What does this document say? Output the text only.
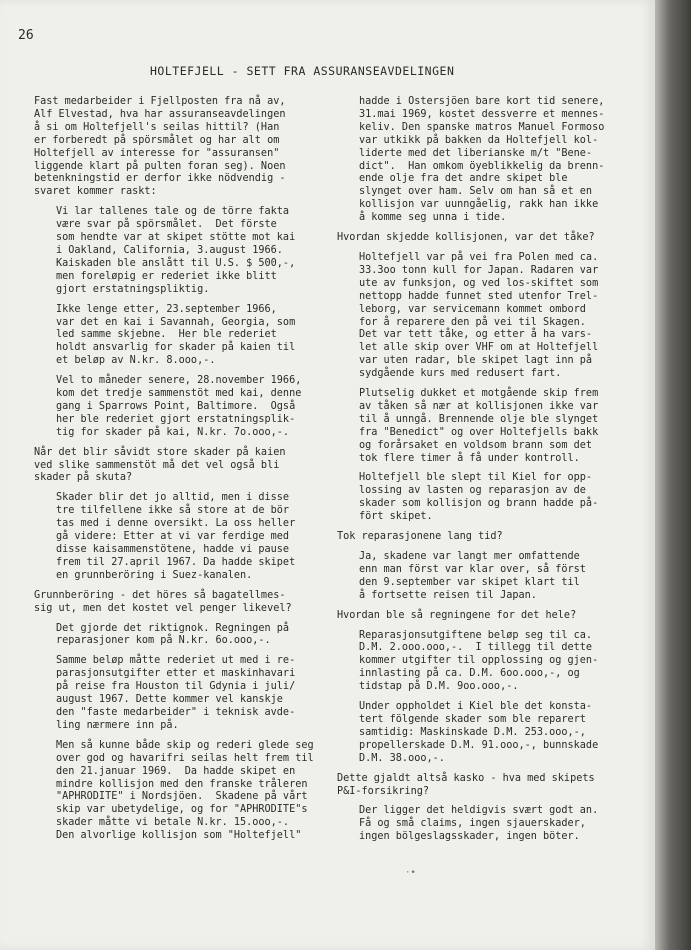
26
HOLTEFJELL - SETT FRA ASSURANSEAVDELINGEN

Fast medarbeider i Fjellposten fra nå av,
Alf Elvestad, hva har assuranseavdelingen
å si om Holtefjell's seilas hittil? (Han
er forberedt på spörsmålet og har alt om
Holtefjell av interesse for "assuransen"
liggende klart på pulten foran seg). Noen
betenkningstid er derfor ikke nödvendig -
svaret kommer raskt:

Vi lar tallenes tale og de törre fakta
være svar på spörsmålet.  Det förste
som hendte var at skipet stötte mot kai
i Oakland, California, 3.august 1966.
Kaiskaden ble anslått til U.S. $ 500,-,
men foreløpig er rederiet ikke blitt
gjort erstatningspliktig.

Ikke lenge etter, 23.september 1966,
var det en kai i Savannah, Georgia, som
led samme skjebne.  Her ble rederiet
holdt ansvarlig for skader på kaien til
et beløp av N.kr. 8.ooo,-.

Vel to måneder senere, 28.november 1966,
kom det tredje sammenstöt med kai, denne
gang i Sparrows Point, Baltimore.  Også
her ble rederiet gjort erstatningsplik-
tig for skader på kai, N.kr. 7o.ooo,-.

Når det blir såvidt store skader på kaien
ved slike sammenstöt må det vel også bli
skader på skuta?

Skader blir det jo alltid, men i disse
tre tilfellene ikke så store at de bör
tas med i denne oversikt. La oss heller
gå videre: Etter at vi var ferdige med
disse kaisammenstötene, hadde vi pause
frem til 27.april 1967. Da hadde skipet
en grunnberöring i Suez-kanalen.

Grunnberöring - det höres så bagatellmes-
sig ut, men det kostet vel penger likevel?

Det gjorde det riktignok. Regningen på
reparasjoner kom på N.kr. 6o.ooo,-.

Samme beløp måtte rederiet ut med i re-
parasjonsutgifter etter et maskinhavari
på reise fra Houston til Gdynia i juli/
august 1967. Dette kommer vel kanskje
den "faste medarbeider" i teknisk avde-
ling nærmere inn på.

Men så kunne både skip og rederi glede seg
over god og havarifri seilas helt frem til
den 21.januar 1969.  Da hadde skipet en
mindre kollisjon med den franske tråleren
"APHRODITE" i Nordsjöen.  Skadene på vårt
skip var ubetydelige, og for "APHRODITE"s
skader måtte vi betale N.kr. 15.ooo,-.
Den alvorlige kollisjon som "Holtefjell"

hadde i Ostersjöen bare kort tid senere,
31.mai 1969, kostet dessverre et mennes-
keliv. Den spanske matros Manuel Formoso
var utkikk på bakken da Holtefjell kol-
liderte med det liberianske m/t "Bene-
dict".  Han omkom öyeblikkelig da brenn-
ende olje fra det andre skipet ble
slynget over ham. Selv om han så et en
kollisjon var uunngåelig, rakk han ikke
å komme seg unna i tide.

Hvordan skjedde kollisjonen, var det tåke?

Holtefjell var på vei fra Polen med ca.
33.3oo tonn kull for Japan. Radaren var
ute av funksjon, og ved los-skiftet som
nettopp hadde funnet sted utenfor Trel-
leborg, var servicemann kommet ombord
for å reparere den på vei til Skagen.
Det var tett tåke, og etter å ha vars-
let alle skip over VHF om at Holtefjell
var uten radar, ble skipet lagt inn på
sydgående kurs med redusert fart.

Plutselig dukket et motgående skip frem
av tåken så nær at kollisjonen ikke var
til å unngå. Brennende olje ble slynget
fra "Benedict" og over Holtefjells bakk
og forårsaket en voldsom brann som det
tok flere timer å få under kontroll.

Holtefjell ble slept til Kiel for opp-
lossing av lasten og reparasjon av de
skader som kollisjon og brann hadde på-
fört skipet.

Tok reparasjonene lang tid?

Ja, skadene var langt mer omfattende
enn man först var klar over, så först
den 9.september var skipet klart til
å fortsette reisen til Japan.

Hvordan ble så regningene for det hele?

Reparasjonsutgiftene beløp seg til ca.
D.M. 2.ooo.ooo,-.  I tillegg til dette
kommer utgifter til opplossing og gjen-
innlasting på ca. D.M. 6oo.ooo,-, og
tidstap på D.M. 9oo.ooo,-.

Under oppholdet i Kiel ble det konsta-
tert fölgende skader som ble reparert
samtidig: Maskinskade D.M. 253.ooo,-,
propellerskade D.M. 91.ooo,-, bunnskade
D.M. 38.ooo,-.

Dette gjaldt altså kasko - hva med skipets
P&I-forsikring?

Der ligger det heldigvis svært godt an.
Få og små claims, ingen sjauerskader,
ingen bölgeslagsskader, ingen böter.

·•
